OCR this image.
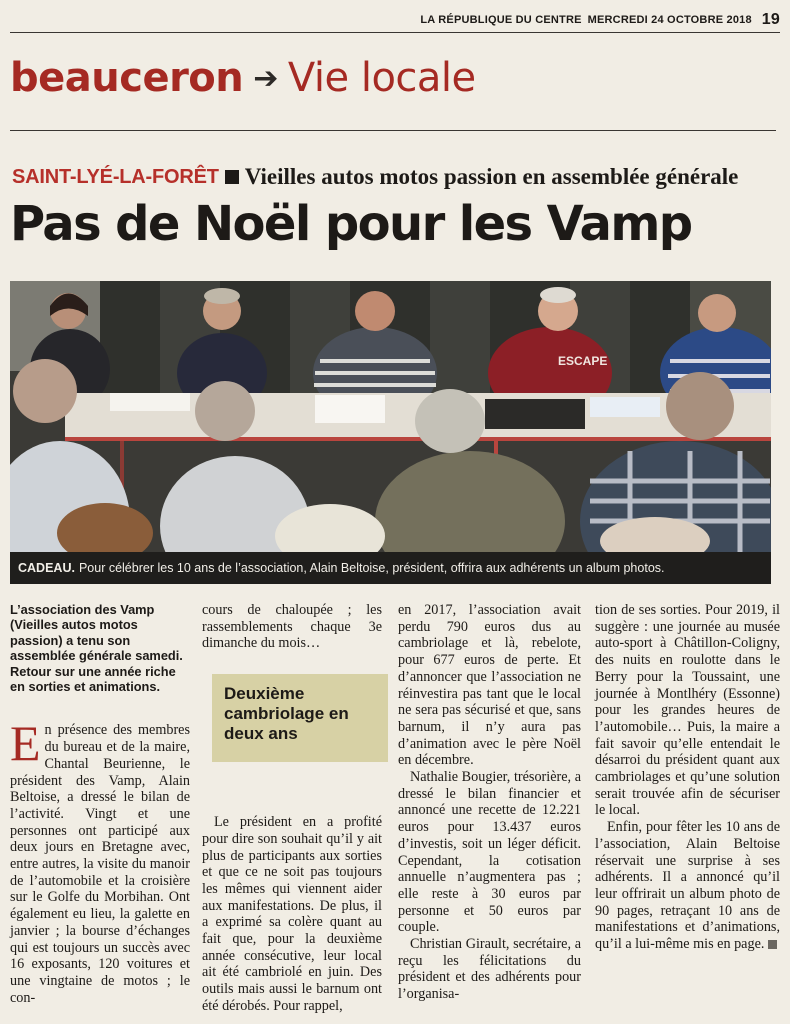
LA RÉPUBLIQUE DU CENTRE MERCREDI 24 OCTOBRE 2018 19
beauceron ➔ Vie locale
SAINT-LYÉ-LA-FORÊT Vieilles autos motos passion en assemblée générale
Pas de Noël pour les Vamp
ESCAPE
CADEAU. Pour célébrer les 10 ans de l’association, Alain Beltoise, président, offrira aux adhérents un album photos.
L’association des Vamp (Vieilles autos motos passion) a tenu son assemblée générale samedi. Retour sur une année riche en sorties et animations.

En présence des membres du bureau et de la maire, Chantal Beurienne, le président des Vamp, Alain Beltoise, a dressé le bilan de l’activité. Vingt et une personnes ont participé aux deux jours en Bretagne avec, entre autres, la visite du manoir de l’automobile et la croisière sur le Golfe du Morbihan. Ont également eu lieu, la galette en janvier ; la bourse d’échanges qui est toujours un succès avec 16 exposants, 120 voitures et une vingtaine de motos ; le con-

cours de chaloupée ; les rassemblements chaque 3e dimanche du mois…

Deuxième cambriolage en deux ans

Le président en a profité pour dire son souhait qu’il y ait plus de participants aux sorties et que ce ne soit pas toujours les mêmes qui viennent aider aux manifestations. De plus, il a exprimé sa colère quant au fait que, pour la deuxième année consécutive, leur local ait été cambriolé en juin. Des outils mais aussi le barnum ont été dérobés. Pour rappel,

en 2017, l’association avait perdu 790 euros dus au cambriolage et là, rebelote, pour 677 euros de perte. Et d’annoncer que l’association ne réinvestira pas tant que le local ne sera pas sécurisé et que, sans barnum, il n’y aura pas d’animation avec le père Noël en décembre.

Nathalie Bougier, trésorière, a dressé le bilan financier et annoncé une recette de 12.221 euros pour 13.437 euros d’investis, soit un léger déficit. Cependant, la cotisation annuelle n’augmentera pas ; elle reste à 30 euros par personne et 50 euros par couple.

Christian Girault, secrétaire, a reçu les félicitations du président et des adhérents pour l’organisa-

tion de ses sorties. Pour 2019, il suggère : une journée au musée auto-sport à Châtillon-Coligny, des nuits en roulotte dans le Berry pour la Toussaint, une journée à Montlhéry (Essonne) pour les grandes heures de l’automobile… Puis, la maire a fait savoir qu’elle entendait le désarroi du président quant aux cambriolages et qu’une solution serait trouvée afin de sécuriser le local.

Enfin, pour fêter les 10 ans de l’association, Alain Beltoise réservait une surprise à ses adhérents. Il a annoncé qu’il leur offrirait un album photo de 90 pages, retraçant 10 ans de manifestations et d’animations, qu’il a lui-même mis en page.
